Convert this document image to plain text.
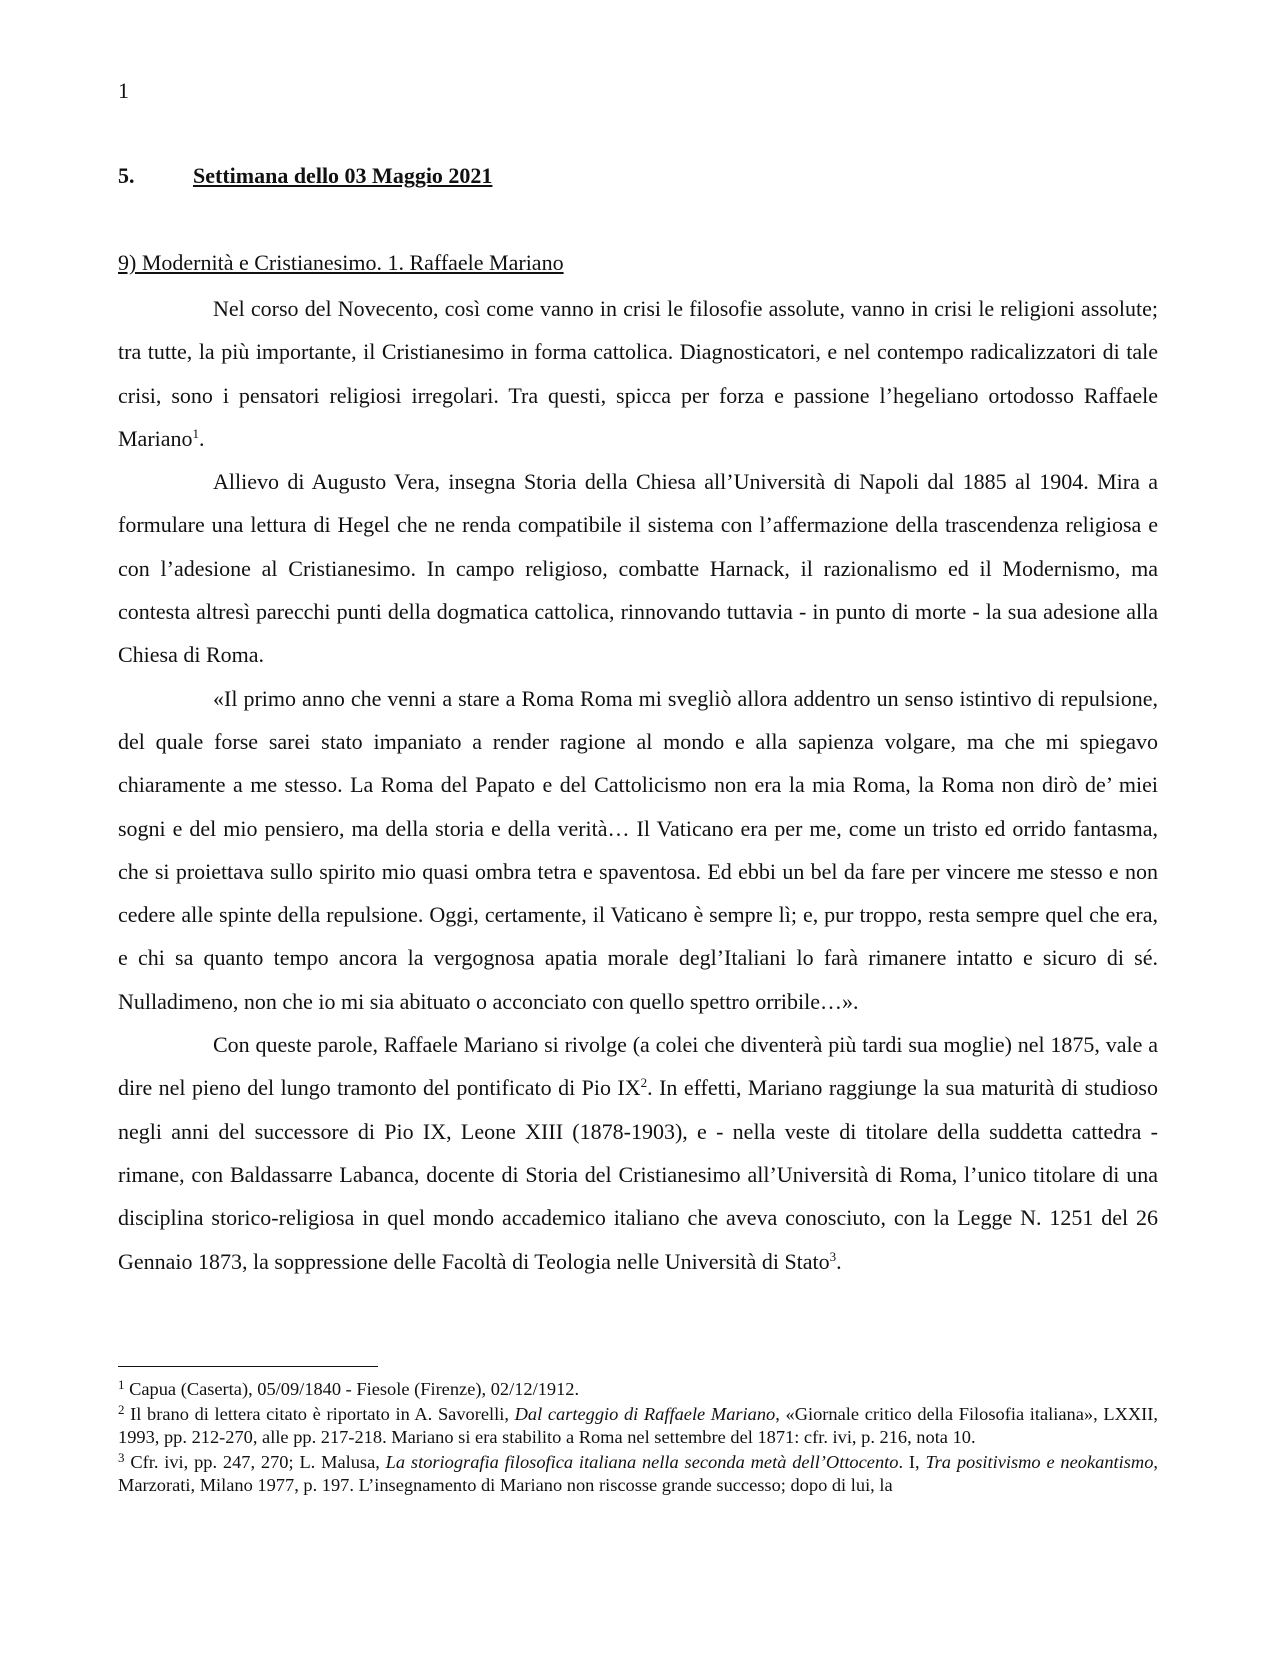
1
5.	Settimana dello 03 Maggio 2021
9) Modernità e Cristianesimo. 1. Raffaele Mariano

Nel corso del Novecento, così come vanno in crisi le filosofie assolute, vanno in crisi le religioni assolute; tra tutte, la più importante, il Cristianesimo in forma cattolica. Diagnosticatori, e nel contempo radicalizzatori di tale crisi, sono i pensatori religiosi irregolari. Tra questi, spicca per forza e passione l’hegeliano ortodosso Raffaele Mariano$^1$.

Allievo di Augusto Vera, insegna Storia della Chiesa all’Università di Napoli dal 1885 al 1904. Mira a formulare una lettura di Hegel che ne renda compatibile il sistema con l’affermazione della trascendenza religiosa e con l’adesione al Cristianesimo. In campo religioso, combatte Harnack, il razionalismo ed il Modernismo, ma contesta altresì parecchi punti della dogmatica cattolica, rinnovando tuttavia - in punto di morte - la sua adesione alla Chiesa di Roma.

«Il primo anno che venni a stare a Roma Roma mi svegliò allora addentro un senso istintivo di repulsione, del quale forse sarei stato impaniato a render ragione al mondo e alla sapienza volgare, ma che mi spiegavo chiaramente a me stesso. La Roma del Papato e del Cattolicismo non era la mia Roma, la Roma non dirò de’ miei sogni e del mio pensiero, ma della storia e della verità… Il Vaticano era per me, come un tristo ed orrido fantasma, che si proiettava sullo spirito mio quasi ombra tetra e spaventosa. Ed ebbi un bel da fare per vincere me stesso e non cedere alle spinte della repulsione. Oggi, certamente, il Vaticano è sempre lì; e, pur troppo, resta sempre quel che era, e chi sa quanto tempo ancora la vergognosa apatia morale degl’Italiani lo farà rimanere intatto e sicuro di sé. Nulladimeno, non che io mi sia abituato o acconciato con quello spettro orribile…».

Con queste parole, Raffaele Mariano si rivolge (a colei che diventerà più tardi sua moglie) nel 1875, vale a dire nel pieno del lungo tramonto del pontificato di Pio $IX^2$. In effetti, Mariano raggiunge la sua maturità di studioso negli anni del successore di Pio IX, Leone XIII (1878-1903), e - nella veste di titolare della suddetta cattedra - rimane, con Baldassarre Labanca, docente di Storia del Cristianesimo all’Università di Roma, l’unico titolare di una disciplina storico-religiosa in quel mondo accademico italiano che aveva conosciuto, con la Legge N. 1251 del 26 Gennaio 1873, la soppressione delle Facoltà di Teologia nelle Università di Stato$^3$.

$^1$ Capua (Caserta), 05/09/1840 - Fiesole (Firenze), 02/12/1912.

$^2$ Il brano di lettera citato è riportato in A. Savorelli, Dal carteggio di Raffaele Mariano, «Giornale critico della Filosofia italiana», LXXII, 1993, pp. 212-270, alle pp. 217-218. Mariano si era stabilito a Roma nel settembre del 1871: cfr. ivi, p. 216, nota 10.

$^3$ Cfr. ivi, pp. 247, 270; L. Malusa, La storiografia filosofica italiana nella seconda metà dell’Ottocento. I, Tra positivismo e neokantismo, Marzorati, Milano 1977, p. 197. L’insegnamento di Mariano non riscosse grande successo; dopo di lui, la
